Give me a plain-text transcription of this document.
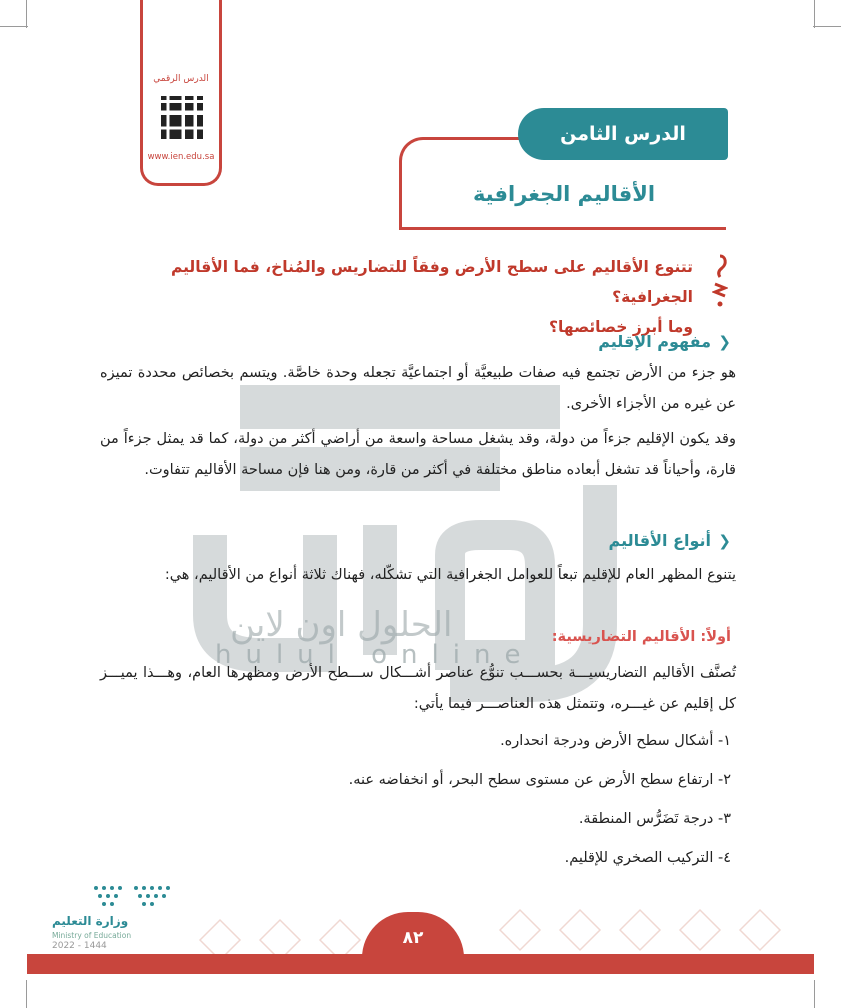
الدرس الرقمي
www.ien.edu.sa
الأقاليم الجغرافية
الدرس الثامن
تتنوع الأقاليم على سطح الأرض وفقاً للتضاريس والمُناخ، فما الأقاليم الجغرافية؟
وما أبرز خصائصها؟
الحلول اون لاين
hulul online
❮
مفهوم الإقليم
هو جزء من الأرض تجتمع فيه صفات طبيعيَّة أو اجتماعيَّة تجعله وحدة خاصَّة. ويتسم بخصائص محددة تميزه عن غيره من الأجزاء الأخرى.
وقد يكون الإقليم جزءاً من دولة، وقد يشغل مساحة واسعة من أراضي أكثر من دولة، كما قد يمثل جزءاً من قارة، وأحياناً قد تشغل أبعاده مناطق مختلفة في أكثر من قارة، ومن هنا فإن مساحة الأقاليم تتفاوت.
❮
أنواع الأقاليم
يتنوع المظهر العام للإقليم تبعاً للعوامل الجغرافية التي تشكّله، فهناك ثلاثة أنواع من الأقاليم، هي:
أولاً: الأقاليم التضاريسية:
تُصنَّف الأقاليم التضاريسيـــة بحســـب تنوُّع عناصر أشـــكال ســـطح الأرض ومظهرها العام، وهـــذا يميـــز كل إقليم عن غيـــره، وتتمثل هذه العناصـــر فيما يأتي:
١- أشكال سطح الأرض ودرجة انحداره.
٢- ارتفاع سطح الأرض عن مستوى سطح البحر، أو انخفاضه عنه.
٣- درجة تَضَرُّس المنطقة.
٤- التركيب الصخري للإقليم.
وزارة التعليم
Ministry of Education
2022 - 1444	٨٢
